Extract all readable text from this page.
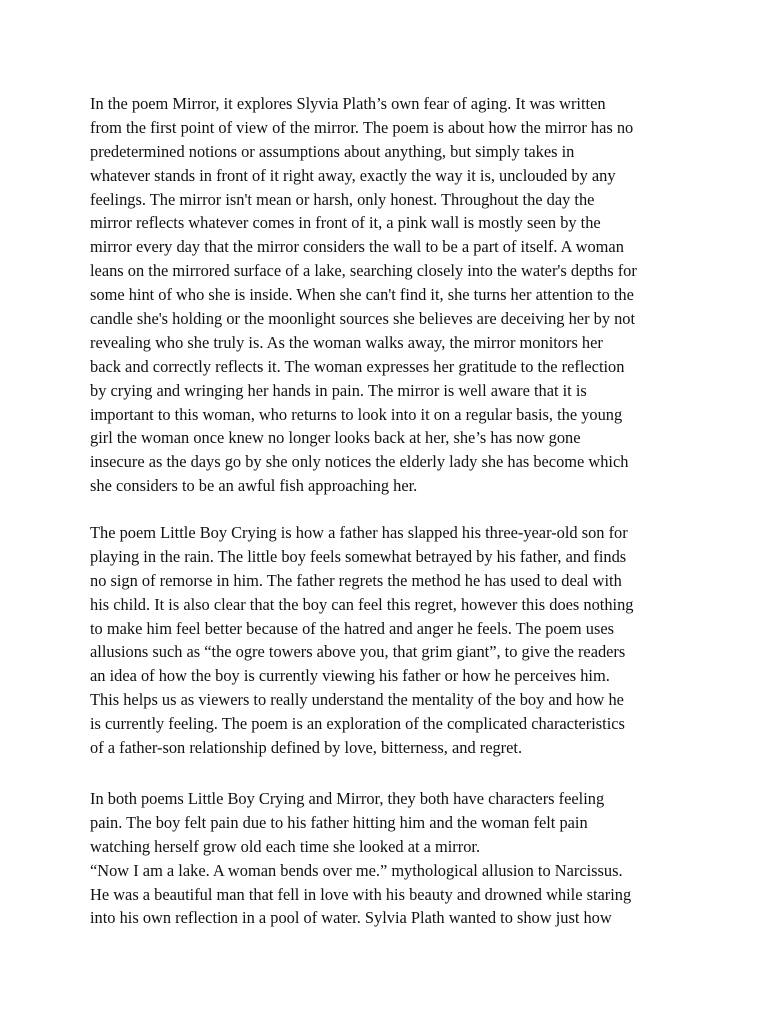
In the poem Mirror, it explores Slyvia Plath’s own fear of aging. It was written
from the first point of view of the mirror. The poem is about how the mirror has no
predetermined notions or assumptions about anything, but simply takes in
whatever stands in front of it right away, exactly the way it is, unclouded by any
feelings. The mirror isn't mean or harsh, only honest. Throughout the day the
mirror reflects whatever comes in front of it, a pink wall is mostly seen by the
mirror every day that the mirror considers the wall to be a part of itself. A woman
leans on the mirrored surface of a lake, searching closely into the water's depths for
some hint of who she is inside. When she can't find it, she turns her attention to the
candle she's holding or the moonlight sources she believes are deceiving her by not
revealing who she truly is. As the woman walks away, the mirror monitors her
back and correctly reflects it. The woman expresses her gratitude to the reflection
by crying and wringing her hands in pain. The mirror is well aware that it is
important to this woman, who returns to look into it on a regular basis, the young
girl the woman once knew no longer looks back at her, she’s has now gone
insecure as the days go by she only notices the elderly lady she has become which
she considers to be an awful fish approaching her.
The poem Little Boy Crying is how a father has slapped his three-year-old son for
playing in the rain. The little boy feels somewhat betrayed by his father, and finds
no sign of remorse in him. The father regrets the method he has used to deal with
his child. It is also clear that the boy can feel this regret, however this does nothing
to make him feel better because of the hatred and anger he feels. The poem uses
allusions such as “the ogre towers above you, that grim giant”, to give the readers
an idea of how the boy is currently viewing his father or how he perceives him.
This helps us as viewers to really understand the mentality of the boy and how he
is currently feeling. The poem is an exploration of the complicated characteristics
of a father-son relationship defined by love, bitterness, and regret.
In both poems Little Boy Crying and Mirror, they both have characters feeling
pain. The boy felt pain due to his father hitting him and the woman felt pain
watching herself grow old each time she looked at a mirror.
“Now I am a lake. A woman bends over me.” mythological allusion to Narcissus.
He was a beautiful man that fell in love with his beauty and drowned while staring
into his own reflection in a pool of water. Sylvia Plath wanted to show just how
